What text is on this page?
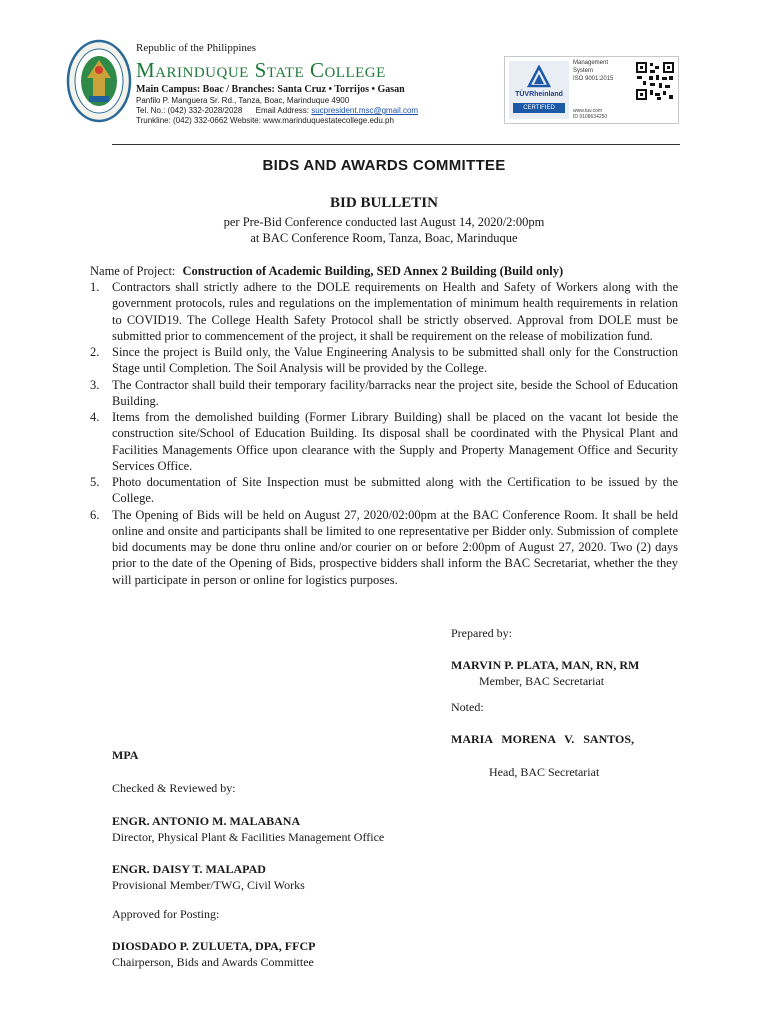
Republic of the Philippines
Marinduque State College
Main Campus: Boac / Branches: Santa Cruz • Torrijos • Gasan
Panfilo P. Manguera Sr. Rd., Tanza, Boac, Marinduque 4900
Tel. No.: (042) 332-2028/2028 Email Address: sucpresident.msc@gmail.com
Trunkline: (042) 332-0662 Website: www.marinduquestatecollege.edu.ph
TÜVRheinland
CERTIFIED
Management
System
ISO 9001:2015
www.tuv.com
ID 9108634250
BIDS AND AWARDS COMMITTEE
BID BULLETIN
per Pre-Bid Conference conducted last August 14, 2020/2:00pm
at BAC Conference Room, Tanza, Boac, Marinduque
Name of Project: Construction of Academic Building, SED Annex 2 Building (Build only)
1. Contractors shall strictly adhere to the DOLE requirements on Health and Safety of Workers along with the government protocols, rules and regulations on the implementation of minimum health requirements in relation to COVID19. The College Health Safety Protocol shall be strictly observed. Approval from DOLE must be submitted prior to commencement of the project, it shall be requirement on the release of mobilization fund.
2. Since the project is Build only, the Value Engineering Analysis to be submitted shall only for the Construction Stage until Completion. The Soil Analysis will be provided by the College.
3. The Contractor shall build their temporary facility/barracks near the project site, beside the School of Education Building.
4. Items from the demolished building (Former Library Building) shall be placed on the vacant lot beside the construction site/School of Education Building. Its disposal shall be coordinated with the Physical Plant and Facilities Managements Office upon clearance with the Supply and Property Management Office and Security Services Office.
5. Photo documentation of Site Inspection must be submitted along with the Certification to be issued by the College.
6. The Opening of Bids will be held on August 27, 2020/02:00pm at the BAC Conference Room. It shall be held online and onsite and participants shall be limited to one representative per Bidder only. Submission of complete bid documents may be done thru online and/or courier on or before 2:00pm of August 27, 2020. Two (2) days prior to the date of the Opening of Bids, prospective bidders shall inform the BAC Secretariat, whether the they will participate in person or online for logistics purposes.
Prepared by:
MARVIN P. PLATA, MAN, RN, RM
Member, BAC Secretariat
Noted:
MARIA   MORENA   V.   SANTOS,
MPA
Head, BAC Secretariat
Checked & Reviewed by:
ENGR. ANTONIO M. MALABANA
Director, Physical Plant & Facilities Management Office
ENGR. DAISY T. MALAPAD
Provisional Member/TWG, Civil Works
Approved for Posting:
DIOSDADO P. ZULUETA, DPA, FFCP
Chairperson, Bids and Awards Committee
